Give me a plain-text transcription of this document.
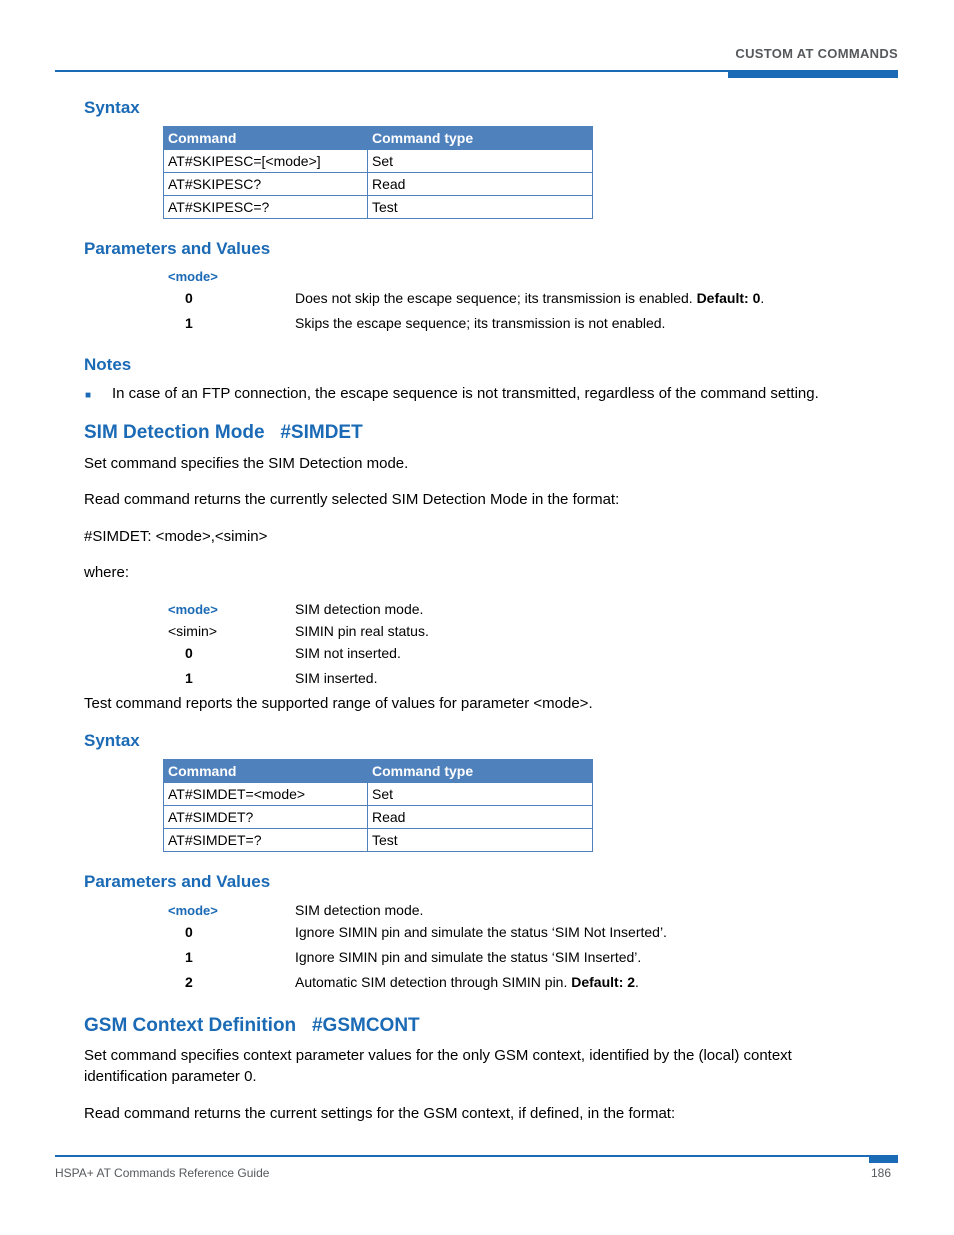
CUSTOM AT COMMANDS
Syntax
Command	Command type
AT#SKIPESC=[<mode>]	Set
AT#SKIPESC?	Read
AT#SKIPESC=?	Test
Parameters and Values
<mode>
0	Does not skip the escape sequence; its transmission is enabled. Default: 0.
1	Skips the escape sequence; its transmission is not enabled.
Notes
■ In case of an FTP connection, the escape sequence is not transmitted, regardless of the command setting.
SIM Detection Mode   #SIMDET
Set command specifies the SIM Detection mode.
Read command returns the currently selected SIM Detection Mode in the format:
#SIMDET: <mode>,<simin>
where:
<mode>	SIM detection mode.
<simin>	SIMIN pin real status.
0	SIM not inserted.
1	SIM inserted.
Test command reports the supported range of values for parameter <mode>.
Syntax
Command	Command type
AT#SIMDET=<mode>	Set
AT#SIMDET?	Read
AT#SIMDET=?	Test
Parameters and Values
<mode>	SIM detection mode.
0	Ignore SIMIN pin and simulate the status ‘SIM Not Inserted’.
1	Ignore SIMIN pin and simulate the status ‘SIM Inserted’.
2	Automatic SIM detection through SIMIN pin. Default: 2.
GSM Context Definition   #GSMCONT
Set command specifies context parameter values for the only GSM context, identified by the (local) context identification parameter 0.
Read command returns the current settings for the GSM context, if defined, in the format:
HSPA+ AT Commands Reference Guide	186
